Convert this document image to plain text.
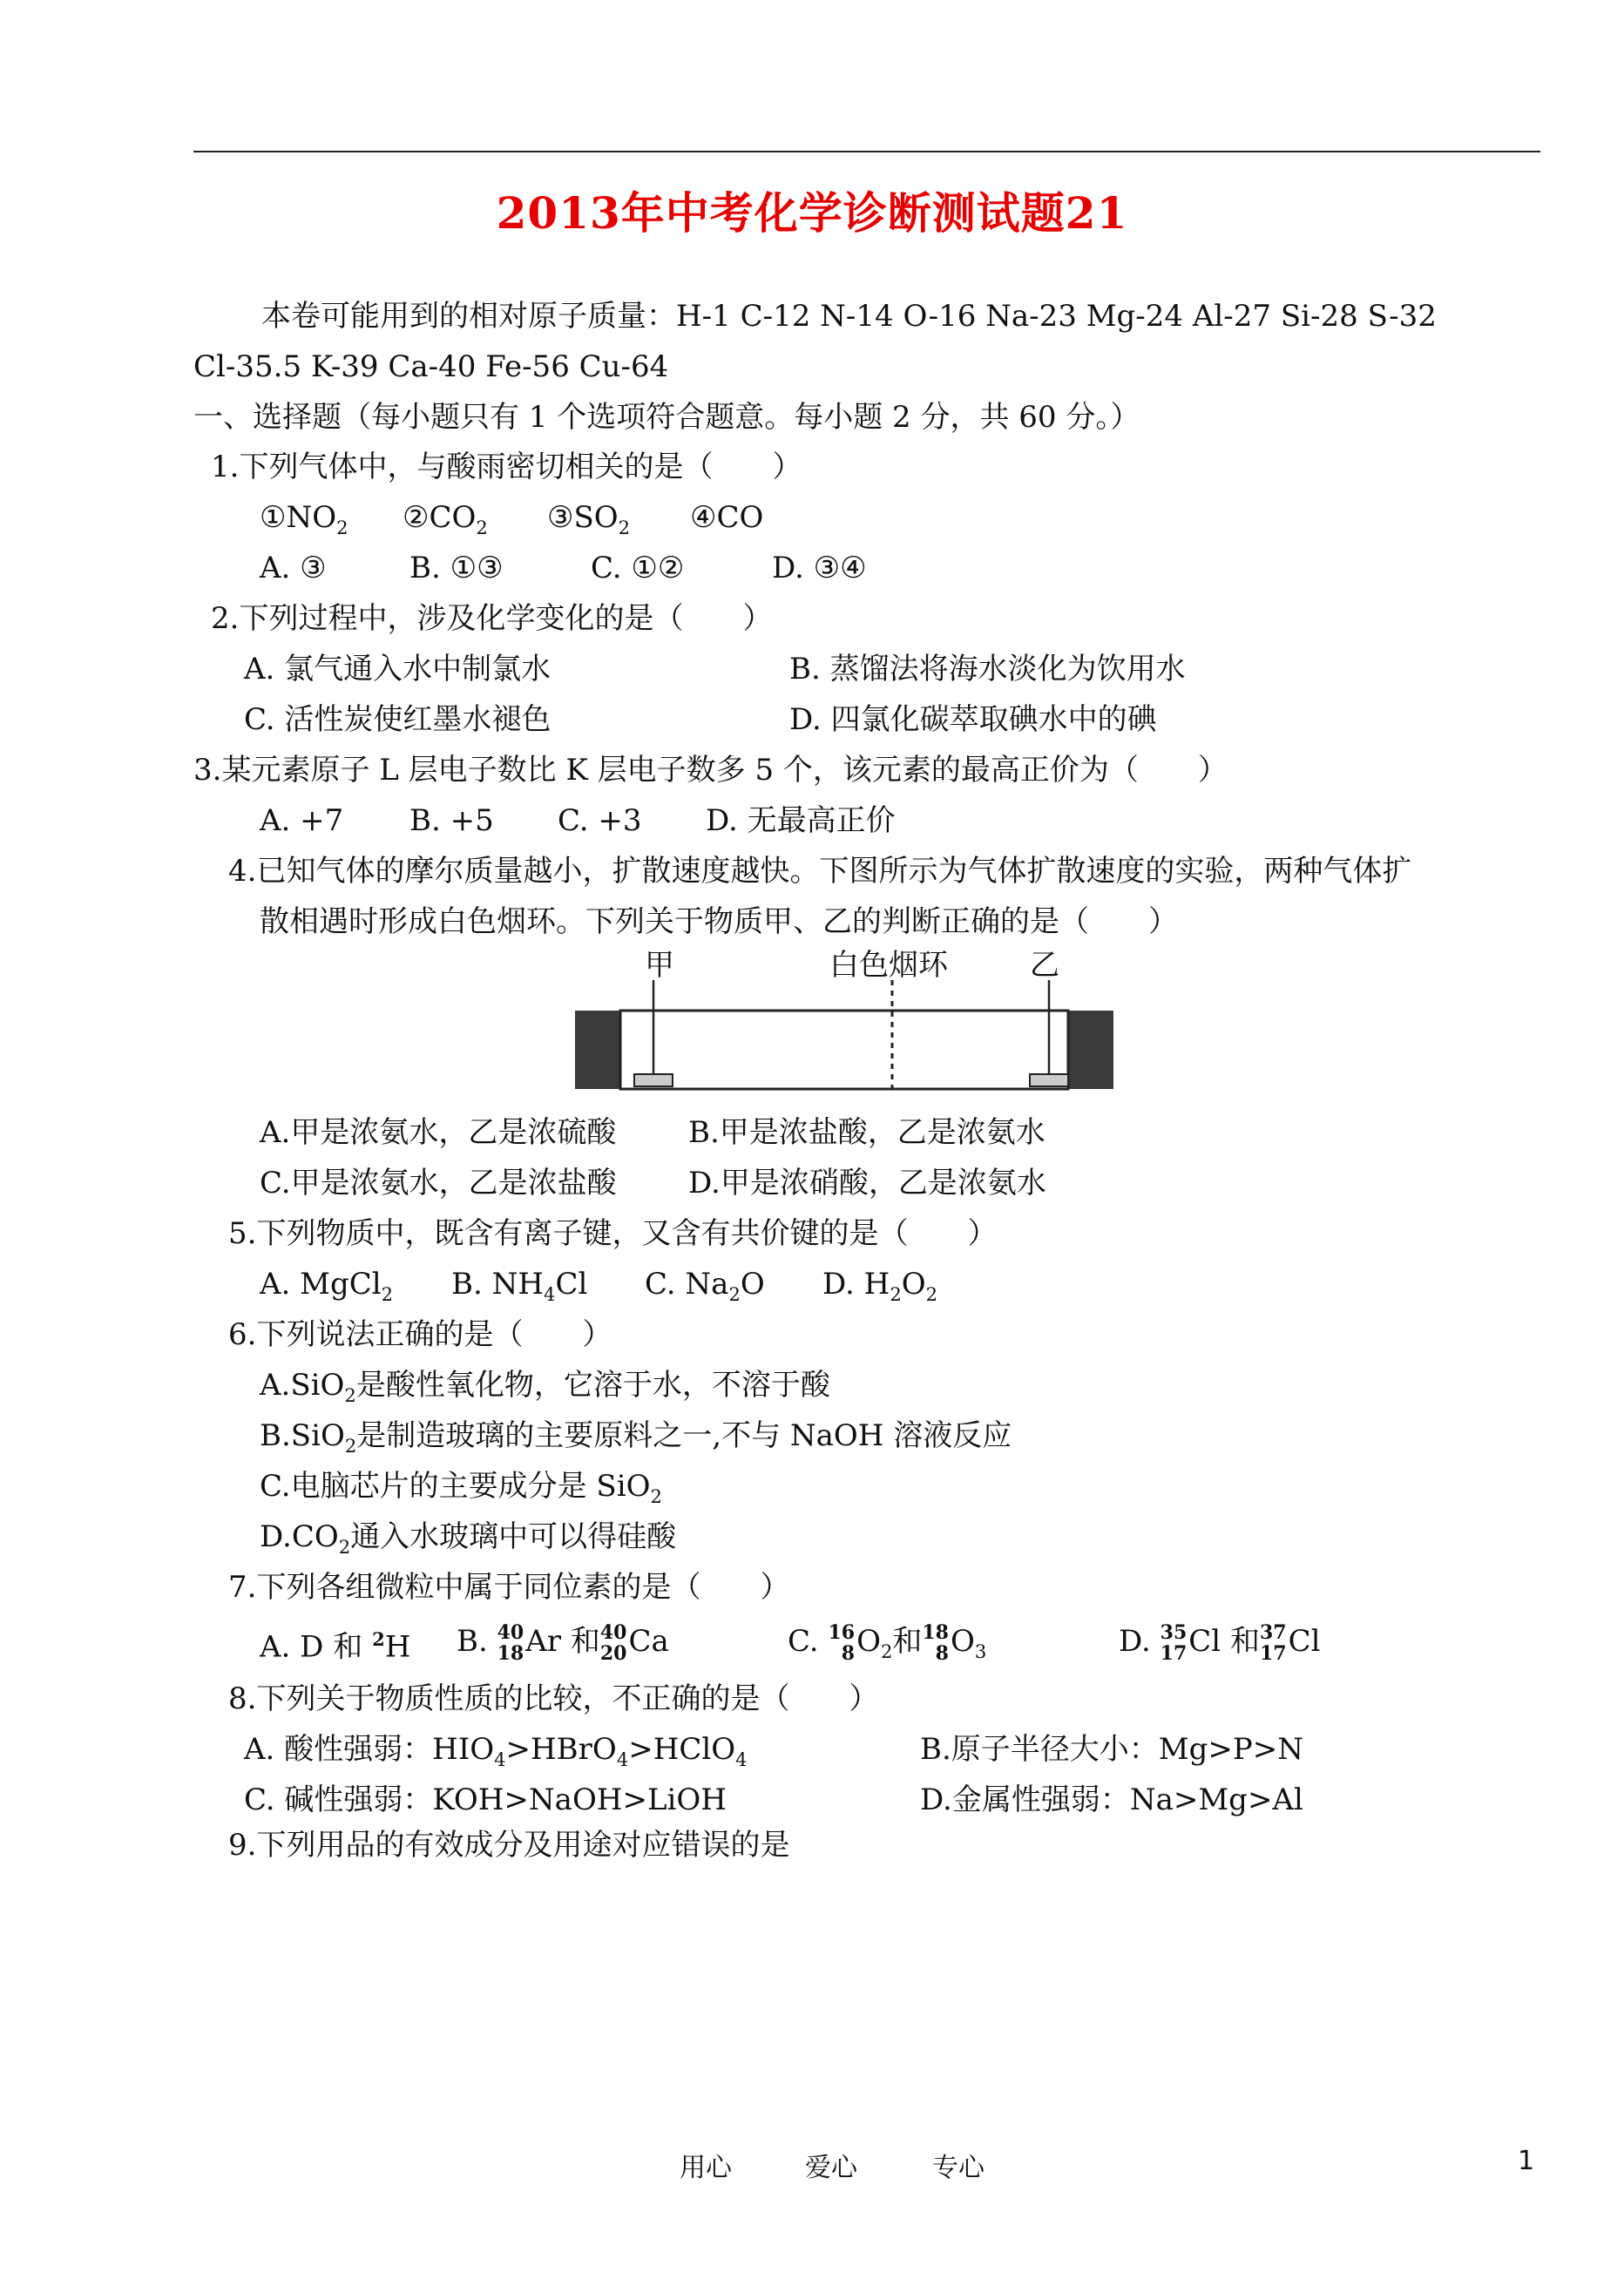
2013年中考化学诊断测试题21
本卷可能用到的相对原子质量：H-1 C-12 N-14 O-16 Na-23 Mg-24 Al-27 Si-28 S-32
Cl-35.5 K-39 Ca-40 Fe-56 Cu-64
一、选择题（每小题只有 1 个选项符合题意。每小题 2 分，共 60 分。）
1.下列气体中，与酸雨密切相关的是（　　）
$①NO_2$ $②CO_2$ $③SO_2$ ④CO
A. ③	B. ①③	C. ①②	D. ③④
2.下列过程中，涉及化学变化的是（　　）
A. 氯气通入水中制氯水	B. 蒸馏法将海水淡化为饮用水
C. 活性炭使红墨水褪色	D. 四氯化碳萃取碘水中的碘
3.某元素原子 L 层电子数比 K 层电子数多 5 个，该元素的最高正价为（　　）
A. +7 B. +5 C. +3 D. 无最高正价
4.已知气体的摩尔质量越小，扩散速度越快。下图所示为气体扩散速度的实验，两种气体扩
散相遇时形成白色烟环。下列关于物质甲、乙的判断正确的是（　　）
甲	白色烟环	乙
A.甲是浓氨水，乙是浓硫酸 B.甲是浓盐酸，乙是浓氨水
C.甲是浓氨水，乙是浓盐酸 D.甲是浓硝酸，乙是浓氨水
5.下列物质中，既含有离子键，又含有共价键的是（　　）
A. MgCl$_2$ B. $NH_4Cl$ C. $Na_2O$ D. $H_2O_2$
6.下列说法正确的是（　　）
A.SiO$_2$是酸性氧化物，它溶于水，不溶于酸
B.SiO$_2$是制造玻璃的主要原料之一,不与 NaOH 溶液反应
C.电脑芯片的主要成分是 SiO$_2$
$D.CO_2$通入水玻璃中可以得硅酸
7.下列各组微粒中属于同位素的是（　　）
A. D 和 $^2$H B. 40
18 Ar 和 40
20 Ca	C. 16
8 $O_2$和 18
8 $O_3$	D. 35
17 Cl 和 37
17 Cl
8.下列关于物质性质的比较，不正确的是（　　）
A. 酸性强弱：$HIO_4>HBrO_4>HClO_4$	B.原子半径大小：Mg>P>N
C. 碱性强弱：KOH>NaOH>LiOH	D.金属性强弱：Na>Mg>Al
9.下列用品的有效成分及用途对应错误的是
用心	爱心	专心	1
